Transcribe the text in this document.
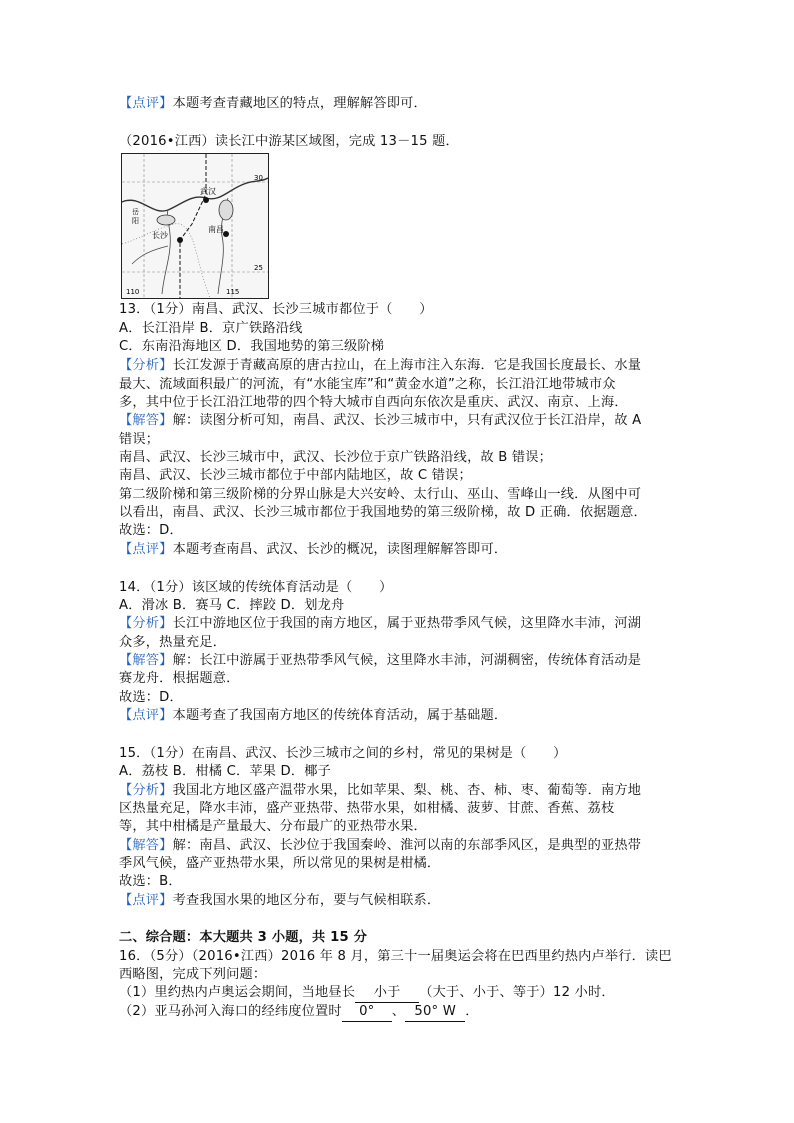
【点评】本题考查青藏地区的特点，理解解答即可．
（2016•江西）读长江中游某区域图，完成 13－15 题．
武汉
长沙
南昌
岳
阳
30
25
110	115
13．（1分）南昌、武汉、长沙三城市都位于（　　）
A．长江沿岸 B．京广铁路沿线
C．东南沿海地区 D．我国地势的第三级阶梯
【分析】长江发源于青藏高原的唐古拉山，在上海市注入东海．它是我国长度最长、水量
最大、流域面积最广的河流，有“水能宝库”和“黄金水道”之称，长江沿江地带城市众
多，其中位于长江沿江地带的四个特大城市自西向东依次是重庆、武汉、南京、上海．
【解答】解：读图分析可知，南昌、武汉、长沙三城市中，只有武汉位于长江沿岸，故 A
错误；
南昌、武汉、长沙三城市中，武汉、长沙位于京广铁路沿线，故 B 错误；
南昌、武汉、长沙三城市都位于中部内陆地区，故 C 错误；
第二级阶梯和第三级阶梯的分界山脉是大兴安岭、太行山、巫山、雪峰山一线．从图中可
以看出，南昌、武汉、长沙三城市都位于我国地势的第三级阶梯，故 D 正确．依据题意．
故选：D．
【点评】本题考查南昌、武汉、长沙的概况，读图理解解答即可．
14．（1分）该区域的传统体育活动是（　　）
A．滑冰 B．赛马 C．摔跤 D．划龙舟
【分析】长江中游地区位于我国的南方地区，属于亚热带季风气候，这里降水丰沛，河湖
众多，热量充足．
【解答】解：长江中游属于亚热带季风气候，这里降水丰沛，河湖稠密，传统体育活动是
赛龙舟．根据题意．
故选：D．
【点评】本题考查了我国南方地区的传统体育活动，属于基础题．
15．（1分）在南昌、武汉、长沙三城市之间的乡村，常见的果树是（　　）
A．荔枝 B．柑橘 C．苹果 D．椰子
【分析】我国北方地区盛产温带水果，比如苹果、梨、桃、杏、柿、枣、葡萄等．南方地
区热量充足，降水丰沛，盛产亚热带、热带水果，如柑橘、菠萝、甘蔗、香蕉、荔枝
等，其中柑橘是产量最大、分布最广的亚热带水果．
【解答】解：南昌、武汉、长沙位于我国秦岭、淮河以南的东部季风区，是典型的亚热带
季风气候，盛产亚热带水果，所以常见的果树是柑橘．
故选：B．
【点评】考查我国水果的地区分布，要与气候相联系．
二、综合题：本大题共 3 小题，共 15 分
16．（5分）（2016•江西）2016 年 8 月，第三十一届奥运会将在巴西里约热内卢举行．读巴
西略图，完成下列问题：
（1）里约热内卢奥运会期间，当地昼长 小于 （大于、小于、等于）12 小时．
（2）亚马孙河入海口的经纬度位置时 0° 、 50° W ．
